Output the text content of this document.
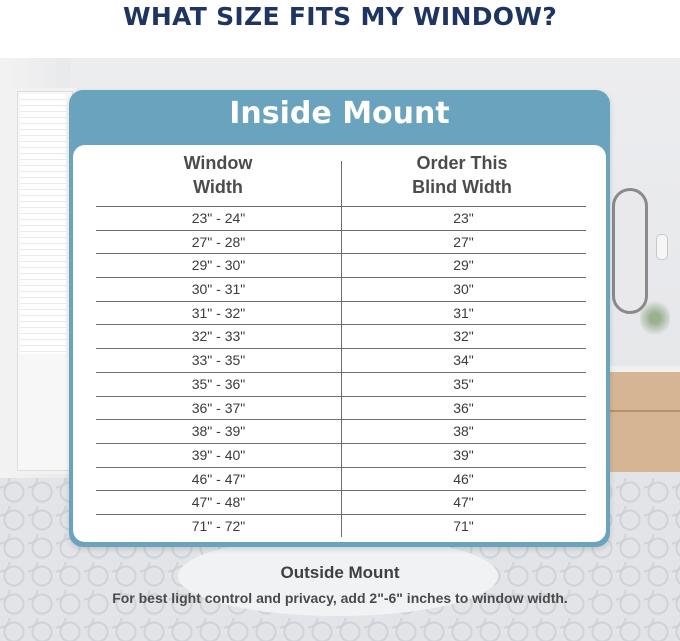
WHAT SIZE FITS MY WINDOW?
Inside Mount
Window
Width
Order This
Blind Width
23" - 24"	23"
27" - 28"	27"
29" - 30"	29"
30" - 31"	30"
31" - 32"	31"
32" - 33"	32"
33" - 35"	34"
35" - 36"	35"
36" - 37"	36"
38" - 39"	38"
39" - 40"	39"
46" - 47"	46"
47" - 48"	47"
71" - 72"	71"
Outside Mount
For best light control and privacy, add 2"-6" inches to window width.
